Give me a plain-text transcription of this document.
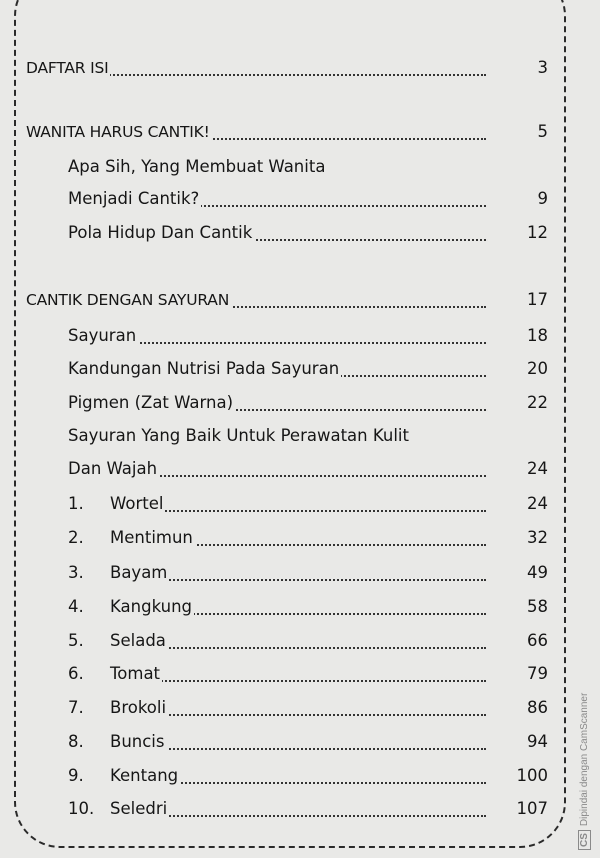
DAFTAR ISI	3
WANITA HARUS CANTIK!	5
Apa Sih, Yang Membuat Wanita
Menjadi Cantik?	9
Pola Hidup Dan Cantik	12
CANTIK DENGAN SAYURAN	17
Sayuran	18
Kandungan Nutrisi Pada Sayuran	20
Pigmen (Zat Warna)	22
Sayuran Yang Baik Untuk Perawatan Kulit
Dan Wajah	24
1. Wortel	24
2. Mentimun	32
3. Bayam	49
4. Kangkung	58
5. Selada	66
6. Tomat	79
7. Brokoli	86
8. Buncis	94
9. Kentang	100
10. Seledri	107
CSDipindai dengan CamScanner
